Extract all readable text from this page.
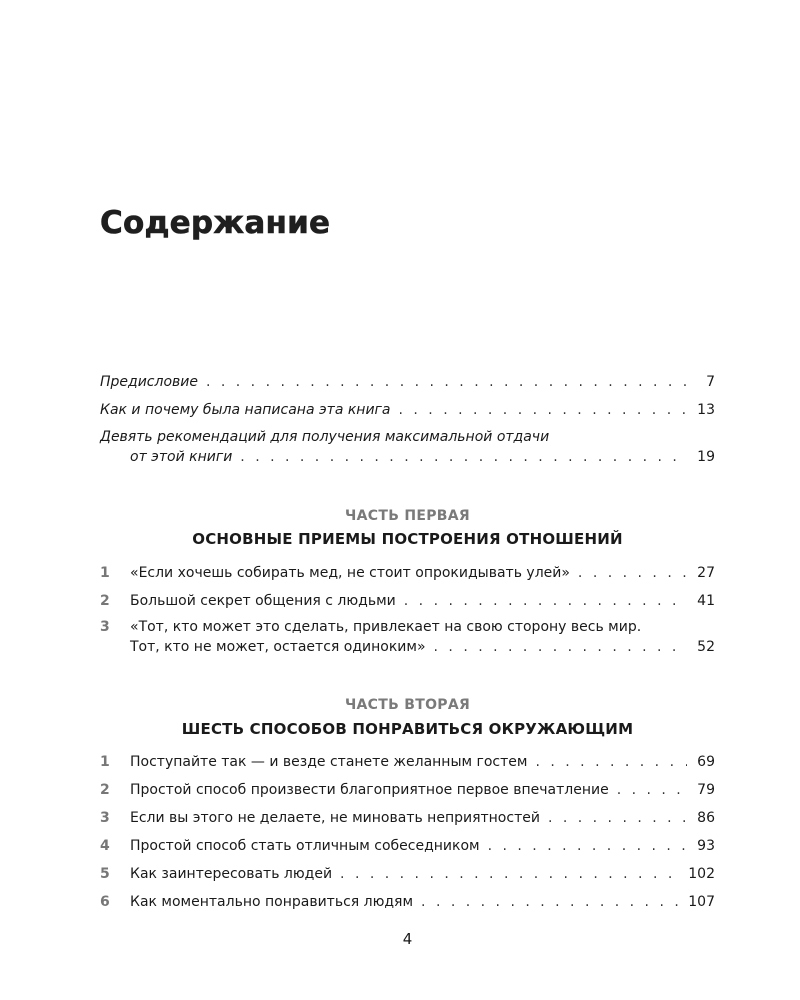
Содержание
Предисловие . . .	7
Как и почему была написана эта книга . . .	13
Девять рекомендаций для получения максимальной отдачи
от этой книги . . .	19
ЧАСТЬ ПЕРВАЯ
ОСНОВНЫЕ ПРИЕМЫ ПОСТРОЕНИЯ ОТНОШЕНИЙ
1	«Если хочешь собирать мед, не стоит опрокидывать улей» . . .	27
2	Большой секрет общения с людьми . . .	41
3 «Тот, кто может это сделать, привлекает на свою сторону весь мир.
Тот, кто не может, остается одиноким» . . .	52
ЧАСТЬ ВТОРАЯ
ШЕСТЬ СПОСОБОВ ПОНРАВИТЬСЯ ОКРУЖАЮЩИМ
1	Поступайте так — и везде станете желанным гостем . . .	69
2	Простой способ произвести благоприятное первое впечатление . . .	79
3	Если вы этого не делаете, не миновать неприятностей . . .	86
4	Простой способ стать отличным собеседником . . .	93
5	Как заинтересовать людей . . .	102
6	Как моментально понравиться людям . . .	107
4
